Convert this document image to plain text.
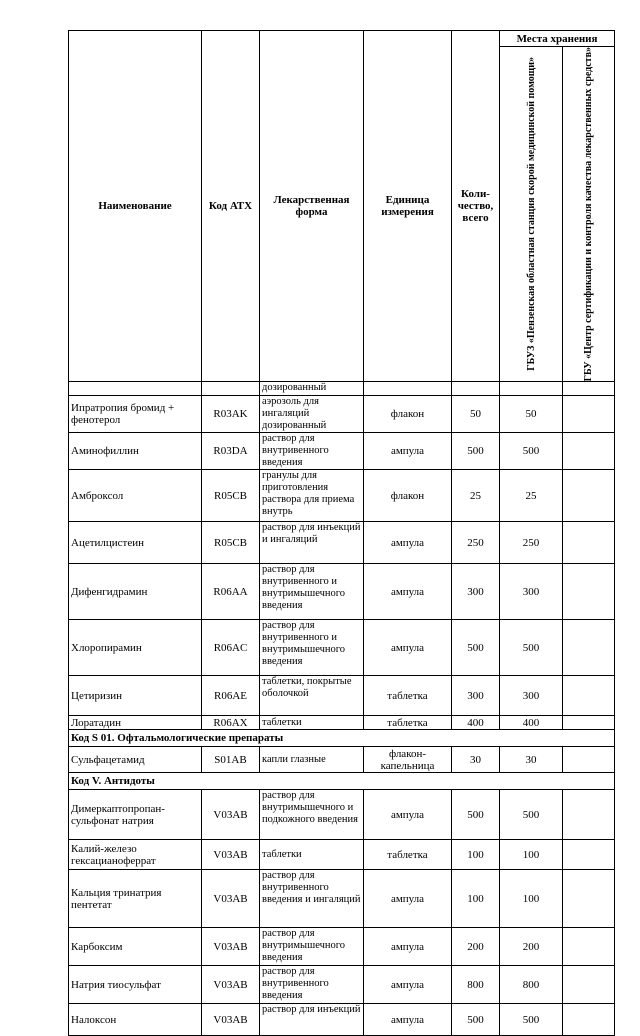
Наименование	Код АТХ	Лекарственная форма	Единица измерения	Коли-чество, всего	Места хранения	

					ГБУЗ «Пензенская областная станция скорой медицинской помощи»	ГБУ «Центр сертификации и контроля качества лекарственных средств»

		дозированный				
Ипратропия бромид + фенотерол	R03AK	аэрозоль для ингаляций дозированный	флакон	50	50	
Аминофиллин	R03DA	раствор для внутривенного введения	ампула	500	500	
Амброксол	R05CB	гранулы для приготовления раствора для приема внутрь	флакон	25	25	
Ацетилцистеин	R05CB	раствор для инъекций и ингаляций	ампула	250	250	
Дифенгидрамин	R06AA	раствор для внутривенного и внутримышечного введения	ампула	300	300	
Хлоропирамин	R06AC	раствор для внутривенного и внутримышечного введения	ампула	500	500	
Цетиризин	R06AE	таблетки, покрытые оболочкой	таблетка	300	300	
Лоратадин	R06AX	таблетки	таблетка	400	400	
Код S 01. Офтальмологические препараты						
Сульфацетамид	S01AB	капли глазные	флакон-капельница	30	30	
Код V. Антидоты						
Димеркаптопропан-сульфонат натрия	V03AB	раствор для внутримышечного и подкожного введения	ампула	500	500	
Калий-железо гексацианоферрат	V03AB	таблетки	таблетка	100	100	
Кальция тринатрия пентетат	V03AB	раствор для внутривенного введения и ингаляций	ампула	100	100	
Карбоксим	V03AB	раствор для внутримышечного введения	ампула	200	200	
Натрия тиосульфат	V03AB	раствор для внутривенного введения	ампула	800	800	
Налоксон	V03AB	раствор для инъекций	ампула	500	500	
